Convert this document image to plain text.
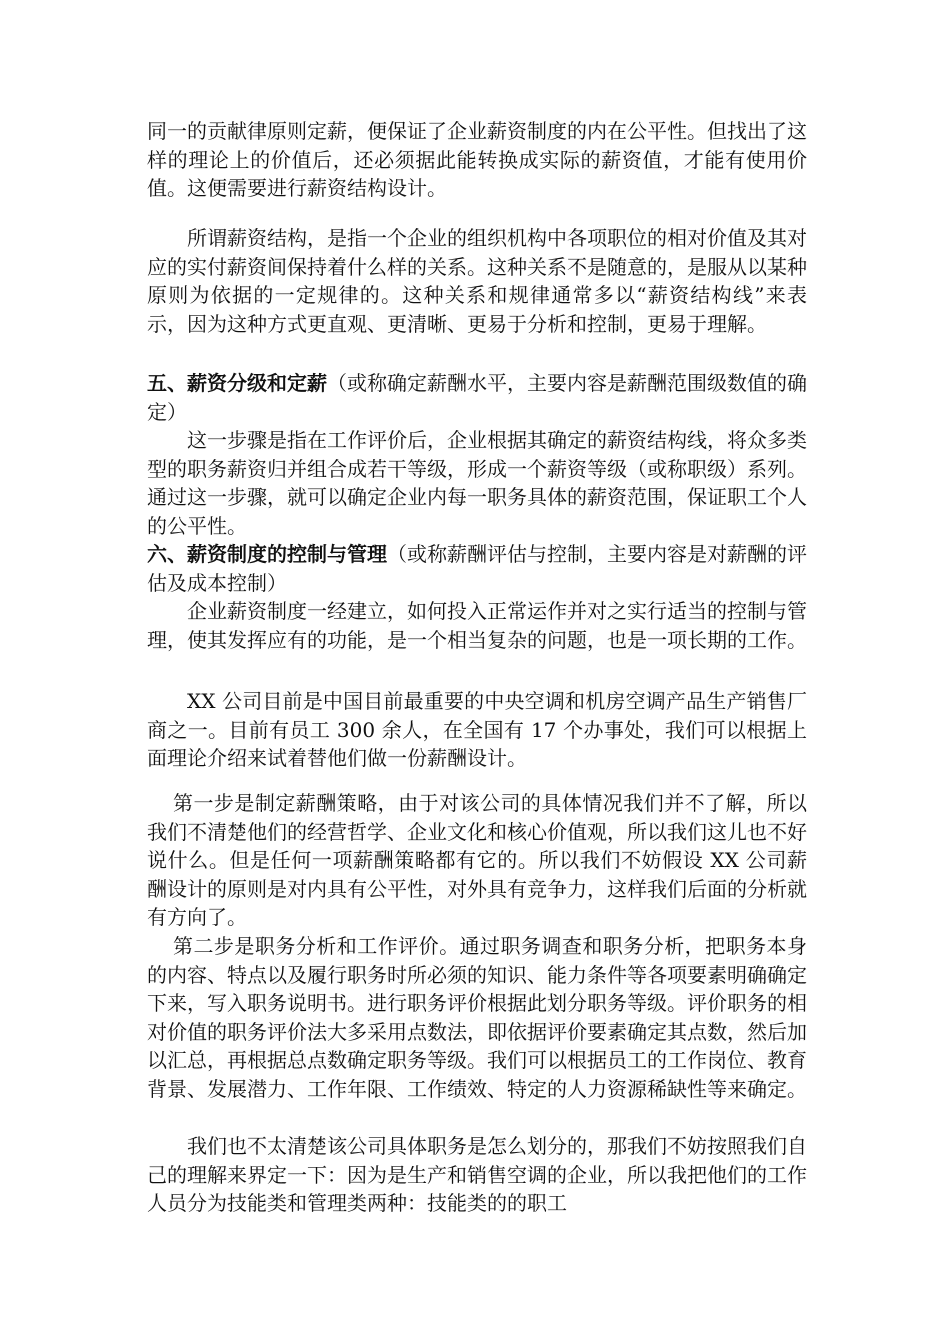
同一的贡献律原则定薪，便保证了企业薪资制度的内在公平性。但找出了这样的理论上的价值后，还必须据此能转换成实际的薪资值，才能有使用价值。这便需要进行薪资结构设计。

所谓薪资结构，是指一个企业的组织机构中各项职位的相对价值及其对应的实付薪资间保持着什么样的关系。这种关系不是随意的，是服从以某种原则为依据的一定规律的。这种关系和规律通常多以“薪资结构线”来表示，因为这种方式更直观、更清晰、更易于分析和控制，更易于理解。

五、薪资分级和定薪（或称确定薪酬水平，主要内容是薪酬范围级数值的确定）

这一步骤是指在工作评价后，企业根据其确定的薪资结构线，将众多类型的职务薪资归并组合成若干等级，形成一个薪资等级（或称职级）系列。通过这一步骤，就可以确定企业内每一职务具体的薪资范围，保证职工个人的公平性。

六、薪资制度的控制与管理（或称薪酬评估与控制，主要内容是对薪酬的评估及成本控制）

企业薪资制度一经建立，如何投入正常运作并对之实行适当的控制与管理，使其发挥应有的功能，是一个相当复杂的问题，也是一项长期的工作。

XX 公司目前是中国目前最重要的中央空调和机房空调产品生产销售厂商之一。目前有员工 300 余人，在全国有 17 个办事处，我们可以根据上面理论介绍来试着替他们做一份薪酬设计。

第一步是制定薪酬策略，由于对该公司的具体情况我们并不了解，所以我们不清楚他们的经营哲学、企业文化和核心价值观，所以我们这儿也不好说什么。但是任何一项薪酬策略都有它的。所以我们不妨假设 XX 公司薪酬设计的原则是对内具有公平性，对外具有竞争力，这样我们后面的分析就有方向了。

第二步是职务分析和工作评价。通过职务调查和职务分析，把职务本身的内容、特点以及履行职务时所必须的知识、能力条件等各项要素明确确定下来，写入职务说明书。进行职务评价根据此划分职务等级。评价职务的相对价值的职务评价法大多采用点数法，即依据评价要素确定其点数，然后加以汇总，再根据总点数确定职务等级。我们可以根据员工的工作岗位、教育背景、发展潜力、工作年限、工作绩效、特定的人力资源稀缺性等来确定。

我们也不太清楚该公司具体职务是怎么划分的，那我们不妨按照我们自己的理解来界定一下：因为是生产和销售空调的企业，所以我把他们的工作人员分为技能类和管理类两种：技能类的的职工
